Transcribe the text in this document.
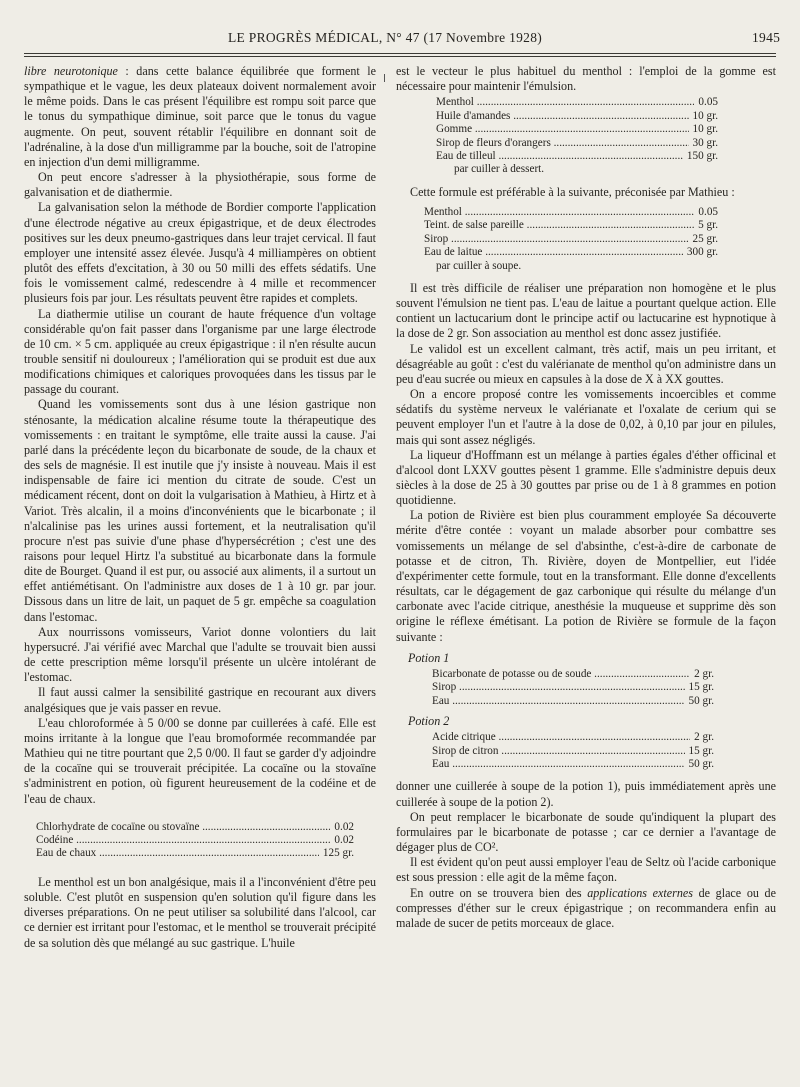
LE PROGRÈS MÉDICAL, N° 47 (17 Novembre 1928)	1945

libre neurotonique : dans cette balance équilibrée que forment le sympathique et le vague, les deux plateaux doivent normalement avoir le même poids. Dans le cas présent l'équilibre est rompu soit parce que le tonus du sympathique diminue, soit parce que le tonus du vague augmente. On peut, souvent rétablir l'équilibre en donnant soit de l'adrénaline, à la dose d'un milligramme par la bouche, soit de l'atropine en injection d'un demi milligramme.

On peut encore s'adresser à la physiothérapie, sous forme de galvanisation et de diathermie.

La galvanisation selon la méthode de Bordier comporte l'application d'une électrode négative au creux épigastrique, et de deux électrodes positives sur les deux pneumo-gastriques dans leur trajet cervical. Il faut employer une intensité assez élevée. Jusqu'à 4 milliampères on obtient plutôt des effets d'excitation, à 30 ou 50 milli des effets sédatifs. Une fois le vomissement calmé, redescendre à 4 mille et recommencer plusieurs fois par jour. Les résultats peuvent être rapides et complets.

La diathermie utilise un courant de haute fréquence d'un voltage considérable qu'on fait passer dans l'organisme par une large électrode de 10 cm. × 5 cm. appliquée au creux épigastrique : il n'en résulte aucun trouble sensitif ni douloureux ; l'amélioration qui se produit est due aux modifications chimiques et caloriques provoquées dans les tissus par le passage du courant.

Quand les vomissements sont dus à une lésion gastrique non sténosante, la médication alcaline résume toute la thérapeutique des vomissements : en traitant le symptôme, elle traite aussi la cause. J'ai parlé dans la précédente leçon du bicarbonate de soude, de la chaux et des sels de magnésie. Il est inutile que j'y insiste à nouveau. Mais il est indispensable de faire ici mention du citrate de soude. C'est un médicament récent, dont on doit la vulgarisation à Mathieu, à Hirtz et à Variot. Très alcalin, il a moins d'inconvénients que le bicarbonate ; il n'alcalinise pas les urines aussi fortement, et la neutralisation qu'il procure n'est pas suivie d'une phase d'hypersécrétion ; c'est une des raisons pour lequel Hirtz l'a substitué au bicarbonate dans la formule dite de Bourget. Quand il est pur, ou associé aux aliments, il a surtout un effet antiémétisant. On l'administre aux doses de 1 à 10 gr. par jour. Dissous dans un litre de lait, un paquet de 5 gr. empêche sa coagulation dans l'estomac.

Aux nourrissons vomisseurs, Variot donne volontiers du lait hypersucré. J'ai vérifié avec Marchal que l'adulte se trouvait bien aussi de cette prescription même lorsqu'il présente un ulcère intolérant de l'estomac.

Il faut aussi calmer la sensibilité gastrique en recourant aux divers analgésiques que je vais passer en revue.

L'eau chloroformée à 5 0/00 se donne par cuillerées à café. Elle est moins irritante à la longue que l'eau bromoformée recommandée par Mathieu qui ne titre pourtant que 2,5 0/00. Il faut se garder d'y adjoindre de la cocaïne qui se trouverait précipitée. La cocaïne ou la stovaïne s'administrent en potion, où figurent heureusement de la codéine et de l'eau de chaux.

Chlorhydrate de cocaïne ou stovaïne .....	0.02
Codéine .....	0.02
Eau de chaux .....	125 gr.

Le menthol est un bon analgésique, mais il a l'inconvénient d'être peu soluble. C'est plutôt en suspension qu'en solution qu'il figure dans les diverses préparations. On ne peut utiliser sa solubilité dans l'alcool, car ce dernier est irritant pour l'estomac, et le menthol se trouverait précipité de sa solution dès que mélangé au suc gastrique. L'huile

est le vecteur le plus habituel du menthol : l'emploi de la gomme est nécessaire pour maintenir l'émulsion.

Menthol .....	0.05
Huile d'amandes .....	10 gr.
Gomme .....	10 gr.
Sirop de fleurs d'orangers .....	30 gr.
Eau de tilleul .....	150 gr.
par cuiller à dessert.

Cette formule est préférable à la suivante, préconisée par Mathieu :

Menthol .....	0.05
Teint. de salse pareille .....	5 gr.
Sirop .....	25 gr.
Eau de laitue .....	300 gr.
par cuiller à soupe.

Il est très difficile de réaliser une préparation non homogène et le plus souvent l'émulsion ne tient pas. L'eau de laitue a pourtant quelque action. Elle contient un lactucarium dont le principe actif ou lactucarine est hypnotique à la dose de 2 gr. Son association au menthol est donc assez justifiée.

Le validol est un excellent calmant, très actif, mais un peu irritant, et désagréable au goût : c'est du valérianate de menthol qu'on administre dans un peu d'eau sucrée ou mieux en capsules à la dose de X à XX gouttes.

On a encore proposé contre les vomissements incoercibles et comme sédatifs du système nerveux le valérianate et l'oxalate de cerium qui se peuvent employer l'un et l'autre à la dose de 0,02, à 0,10 par jour en pilules, mais qui sont assez négligés.

La liqueur d'Hoffmann est un mélange à parties égales d'éther officinal et d'alcool dont LXXV gouttes pèsent 1 gramme. Elle s'administre depuis deux siècles à la dose de 25 à 30 gouttes par prise ou de 1 à 8 grammes en potion quotidienne.

La potion de Rivière est bien plus couramment employée Sa découverte mérite d'être contée : voyant un malade absorber pour combattre ses vomissements un mélange de sel d'absinthe, c'est-à-dire de carbonate de potasse et de citron, Th. Rivière, doyen de Montpellier, eut l'idée d'expérimenter cette formule, tout en la transformant. Elle donne d'excellents résultats, car le dégagement de gaz carbonique qui résulte du mélange d'un carbonate avec l'acide citrique, anesthésie la muqueuse et supprime dès son origine le réflexe émétisant. La potion de Rivière se formule de la façon suivante :

Potion 1
Bicarbonate de potasse ou de soude .....	2 gr.
Sirop .....	15 gr.
Eau .....	50 gr.
Potion 2
Acide citrique .....	2 gr.
Sirop de citron .....	15 gr.
Eau .....	50 gr.

donner une cuillerée à soupe de la potion 1), puis immédiatement après une cuillerée à soupe de la potion 2).

On peut remplacer le bicarbonate de soude qu'indiquent la plupart des formulaires par le bicarbonate de potasse ; car ce dernier a l'avantage de dégager plus de CO².

Il est évident qu'on peut aussi employer l'eau de Seltz où l'acide carbonique est sous pression : elle agit de la même façon.

En outre on se trouvera bien des applications externes de glace ou de compresses d'éther sur le creux épigastrique ; on recommandera enfin au malade de sucer de petits morceaux de glace.
